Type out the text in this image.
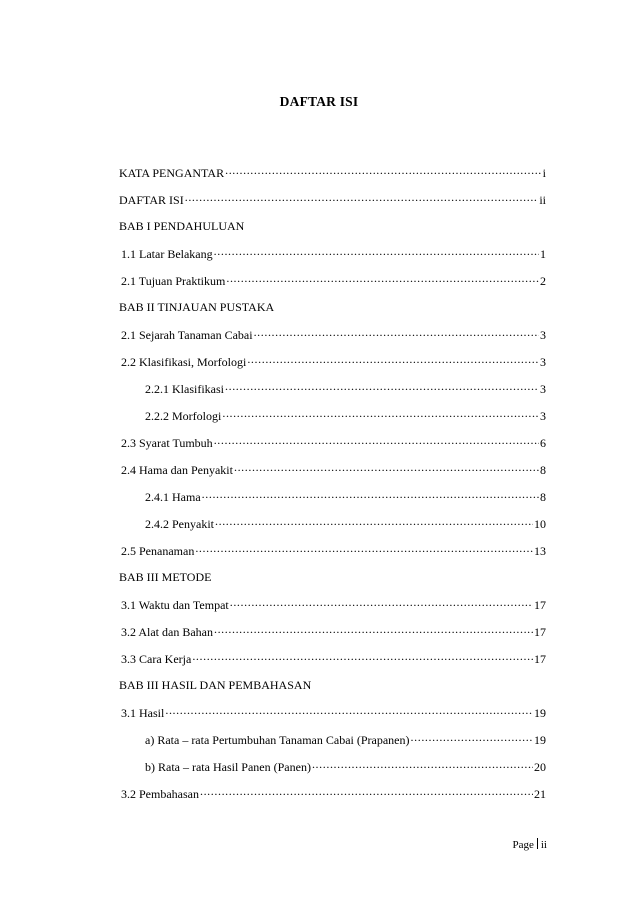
DAFTAR ISI
KATA PENGANTAR .....	i
DAFTAR ISI .....	ii
BAB I PENDAHULUAN
1.1 Latar Belakang .....	1
2.1 Tujuan Praktikum .....	2
BAB II TINJAUAN PUSTAKA
2.1 Sejarah Tanaman Cabai .....	3
2.2 Klasifikasi, Morfologi .....	3
2.2.1 Klasifikasi .....	3
2.2.2 Morfologi .....	3
2.3 Syarat Tumbuh .....	6
2.4 Hama dan Penyakit .....	8
2.4.1 Hama .....	8
2.4.2 Penyakit .....	10
2.5 Penanaman .....	13
BAB III METODE
3.1 Waktu dan Tempat .....	17
3.2 Alat dan Bahan .....	17
3.3 Cara Kerja .....	17
BAB III HASIL DAN PEMBAHASAN
3.1 Hasil .....	19
a) Rata – rata Pertumbuhan Tanaman Cabai (Prapanen) .....	19
b) Rata – rata Hasil Panen (Panen) .....	20
3.2 Pembahasan .....	21
Page ii
